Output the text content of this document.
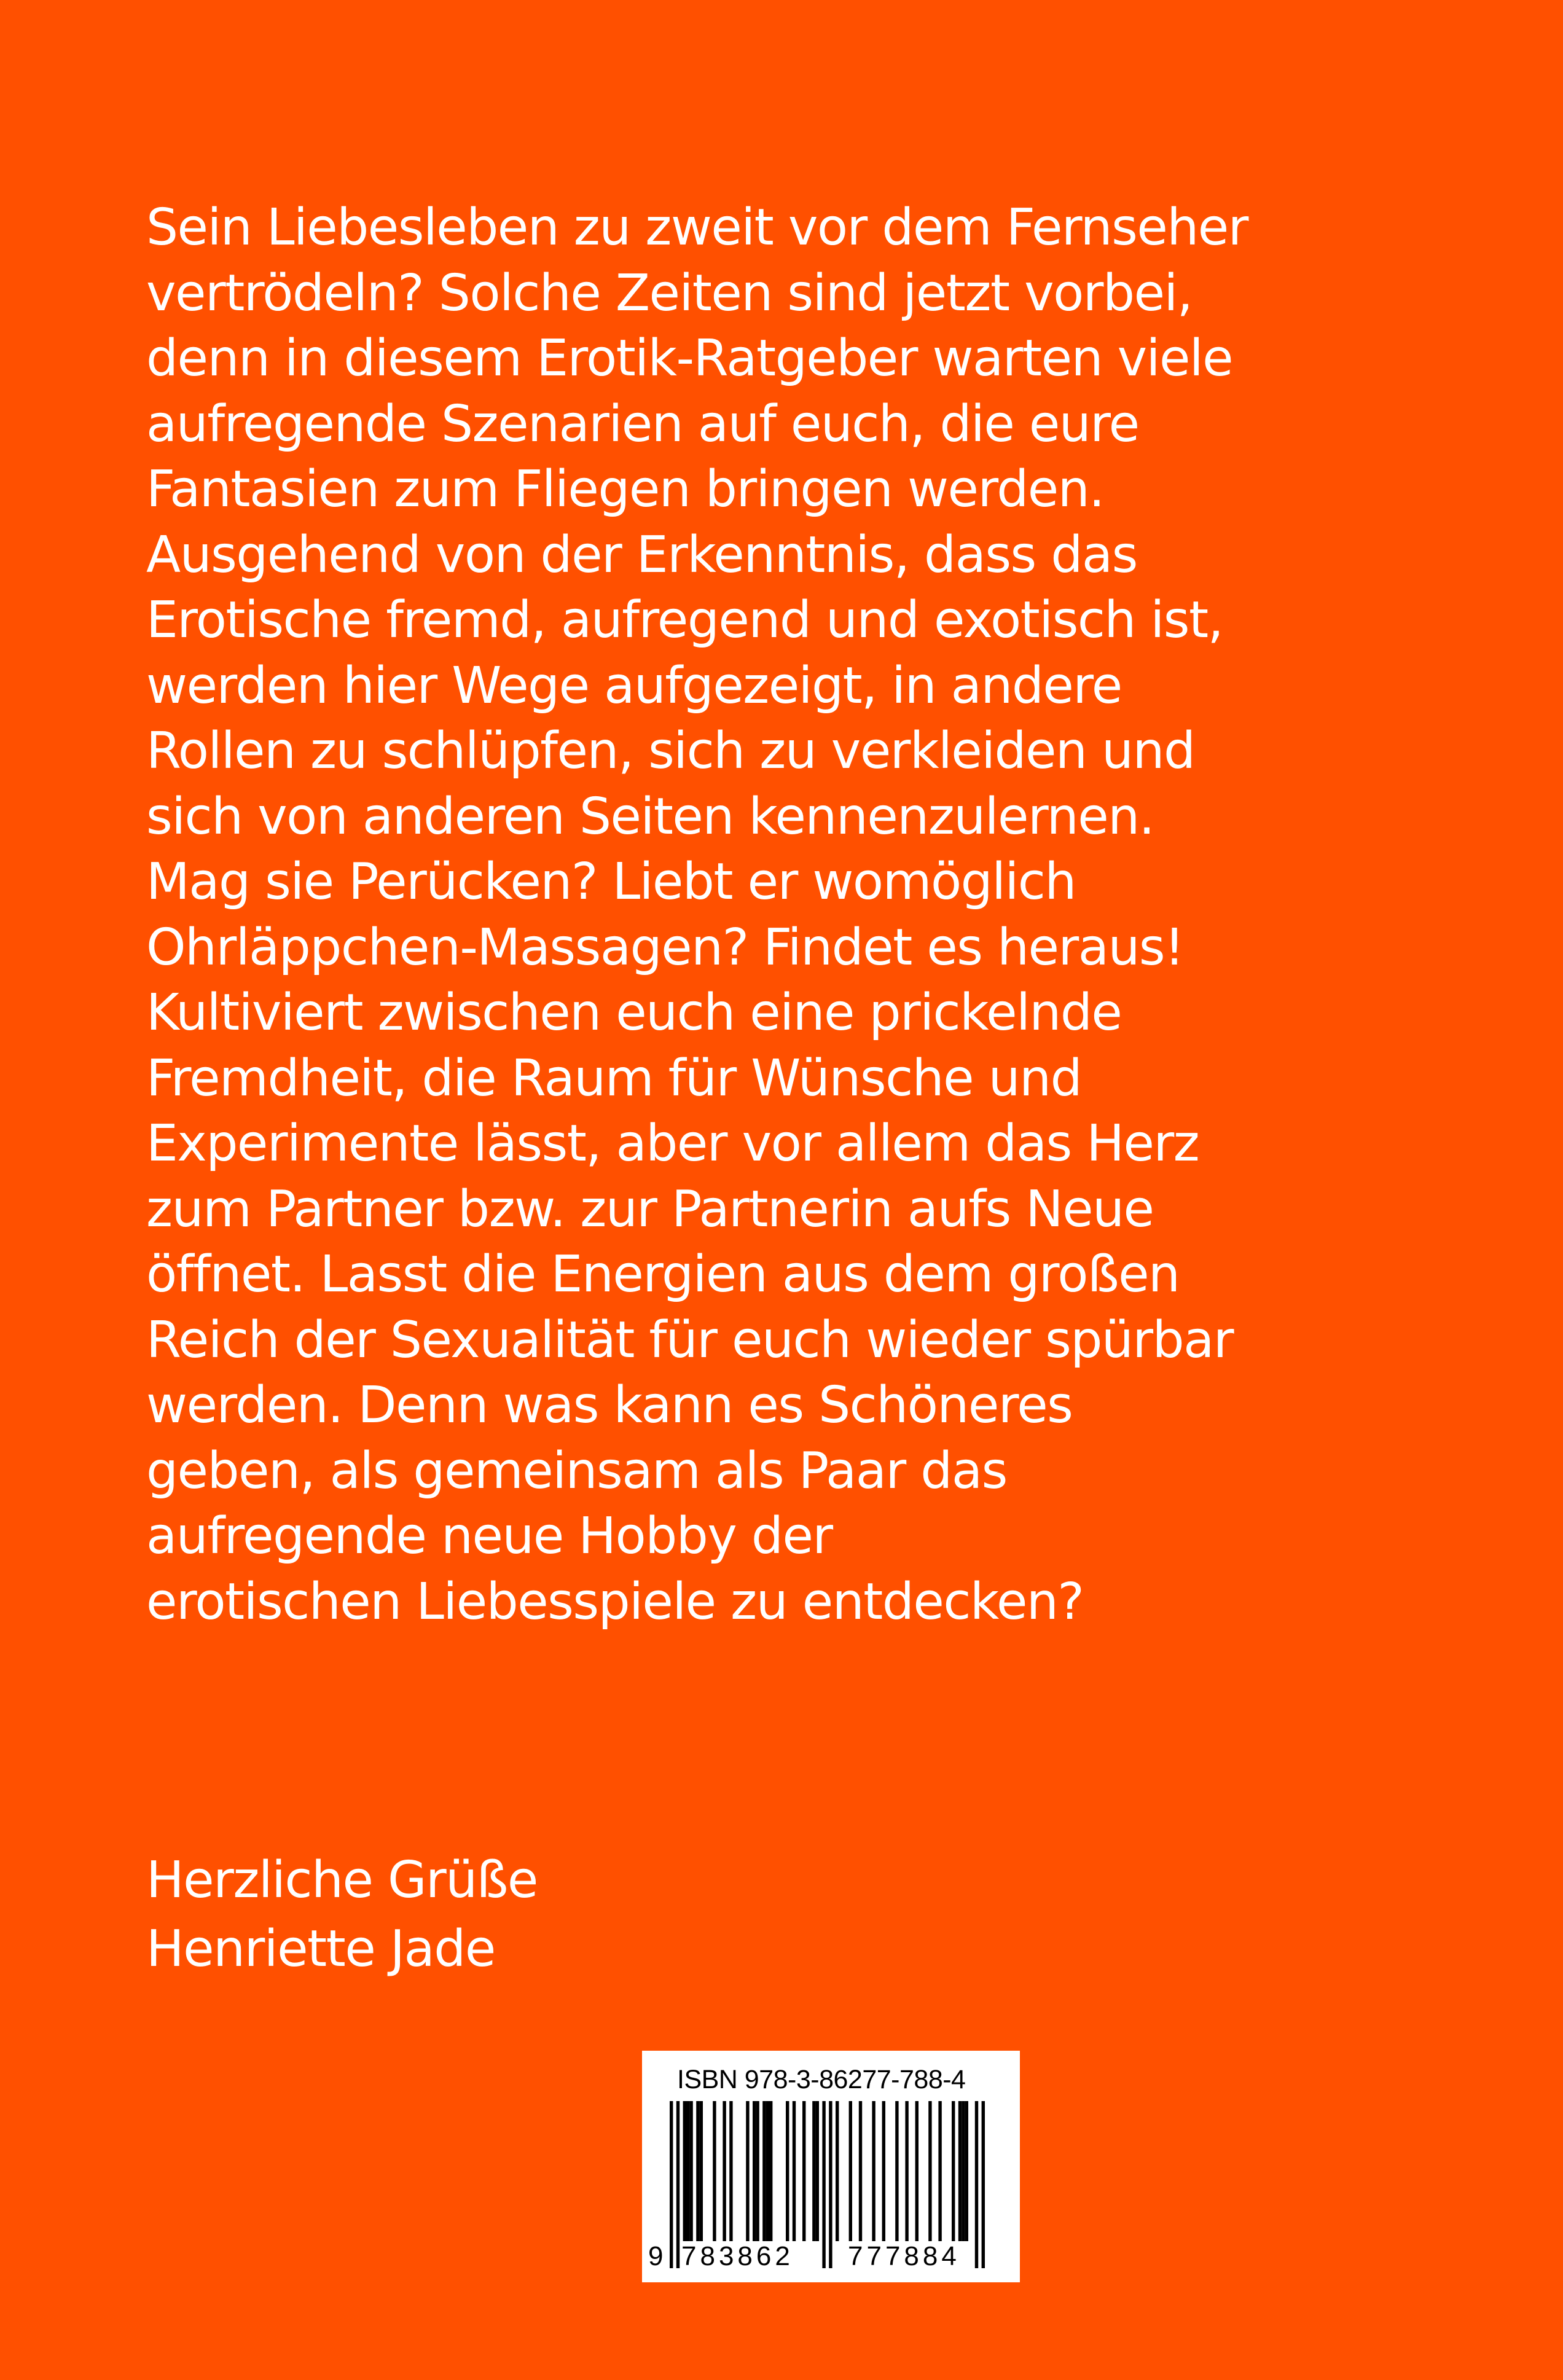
Sein Liebesleben zu zweit vor dem Fernseher
vertrödeln? Solche Zeiten sind jetzt vorbei,
denn in diesem Erotik-Ratgeber warten viele
aufregende Szenarien auf euch, die eure
Fantasien zum Fliegen bringen werden.
Ausgehend von der Erkenntnis, dass das
Erotische fremd, aufregend und exotisch ist,
werden hier Wege aufgezeigt, in andere
Rollen zu schlüpfen, sich zu verkleiden und
sich von anderen Seiten kennenzulernen.
Mag sie Perücken? Liebt er womöglich
Ohrläppchen-Massagen? Findet es heraus!
Kultiviert zwischen euch eine prickelnde
Fremdheit, die Raum für Wünsche und
Experimente lässt, aber vor allem das Herz
zum Partner bzw. zur Partnerin aufs Neue
öffnet. Lasst die Energien aus dem großen
Reich der Sexualität für euch wieder spürbar
werden. Denn was kann es Schöneres
geben, als gemeinsam als Paar das
aufregende neue Hobby der
erotischen Liebesspiele zu entdecken?
Herzliche Grüße
Henriette Jade
ISBN 978-3-86277-788-4
9 783862 777884
